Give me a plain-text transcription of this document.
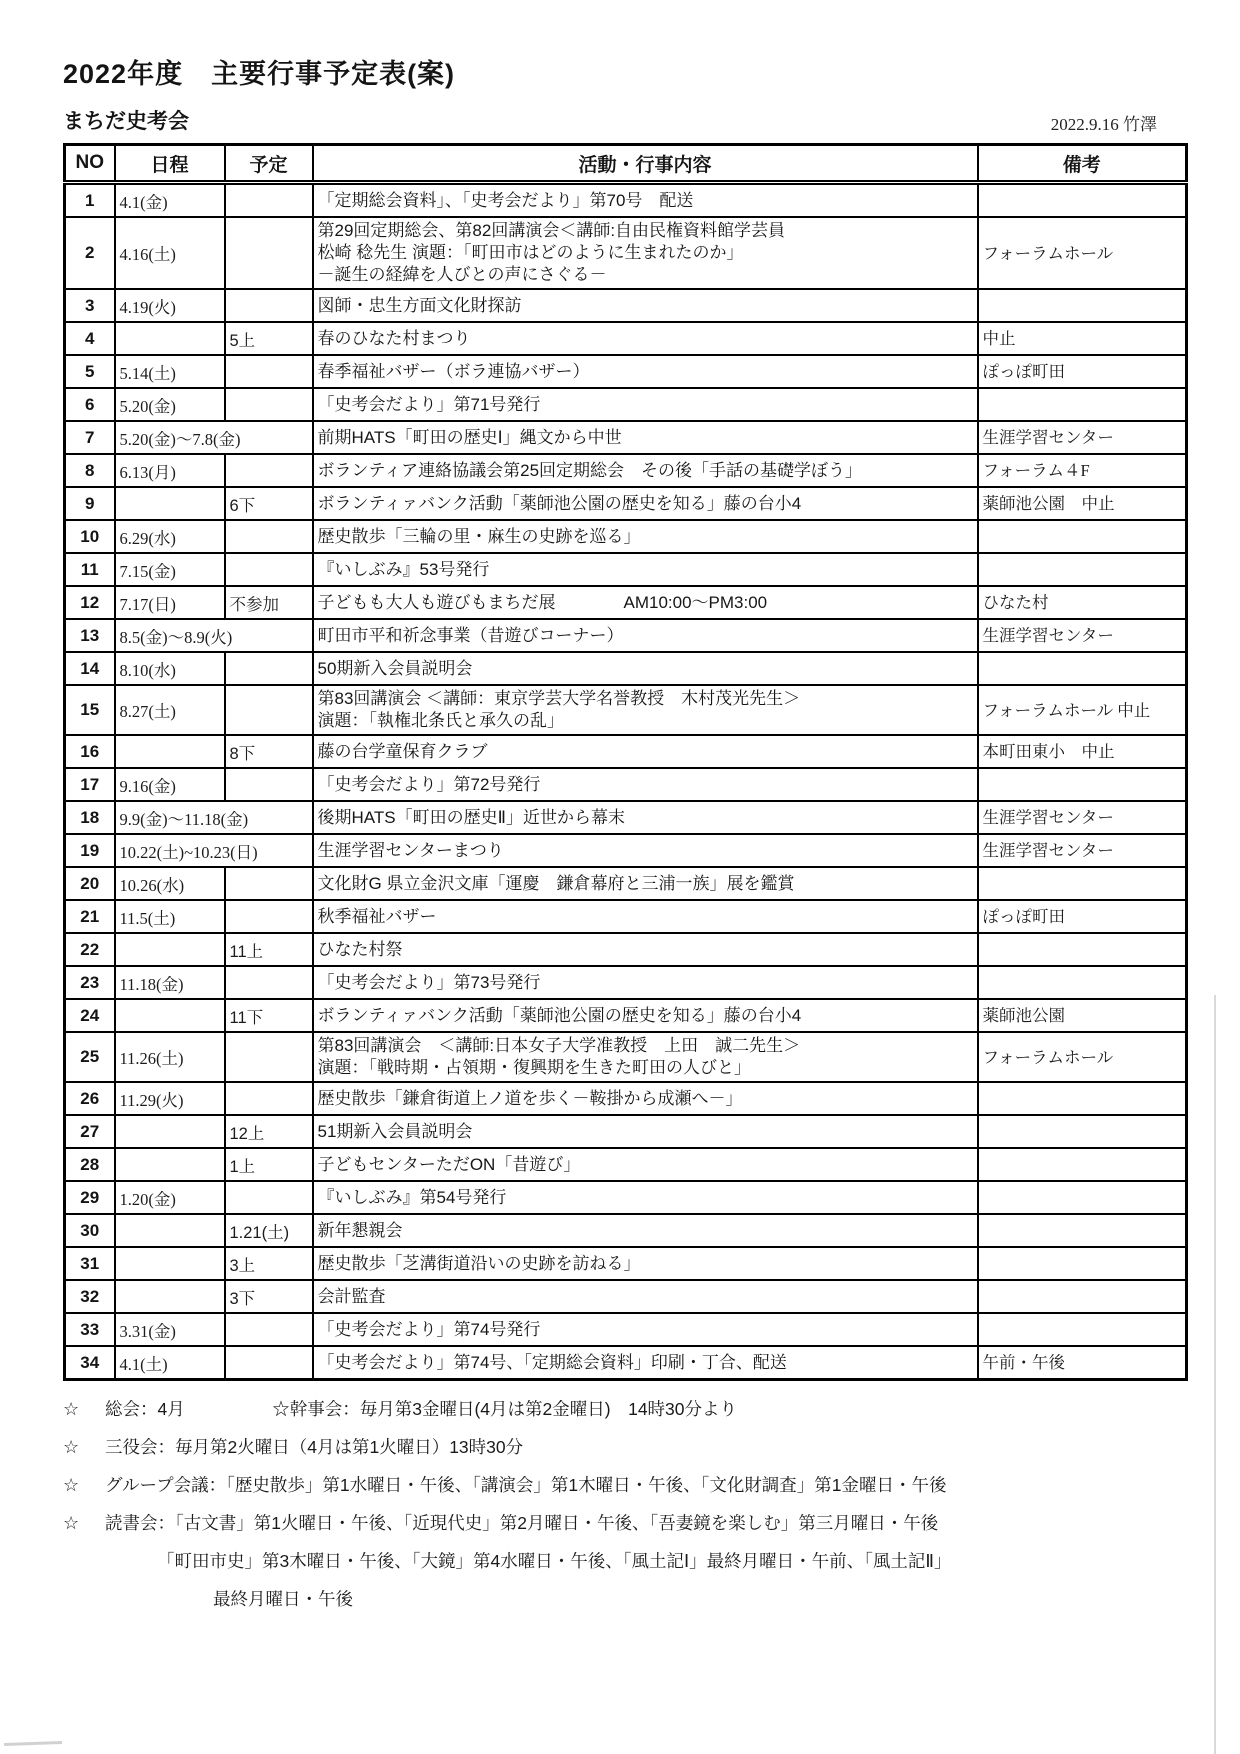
2022年度　主要行事予定表(案)
まちだ史考会	2022.9.16 竹澤
NO	日程	予定	活動・行事内容	備考
1	4.1(金)		「定期総会資料」、「史考会だより」第70号　配送	
2	4.16(土)		第29回定期総会、第82回講演会＜講師:自由民権資料館学芸員
松崎 稔先生 演題：「町田市はどのように生まれたのか」
－誕生の経緯を人びとの声にさぐる－	フォーラムホール
3	4.19(火)		図師・忠生方面文化財探訪	
4		5上	春のひなた村まつり	中止
5	5.14(土)		春季福祉バザー（ボラ連協バザー）	ぽっぽ町田
6	5.20(金)		「史考会だより」第71号発行	
7	5.20(金)～7.8(金)		前期HATS「町田の歴史Ⅰ」縄文から中世	生涯学習センター
8	6.13(月)		ボランティア連絡協議会第25回定期総会　その後「手話の基礎学ぼう」	フォーラム４F
9		6下	ボランティァバンク活動「薬師池公園の歴史を知る」藤の台小4	薬師池公園　中止
10	6.29(水)		歴史散歩「三輪の里・麻生の史跡を巡る」	
11	7.15(金)		『いしぶみ』53号発行	
12	7.17(日)	不参加	子どもも大人も遊びもまちだ展 AM10:00～PM3:00	ひなた村
13	8.5(金)～8.9(火)		町田市平和祈念事業（昔遊びコーナー）	生涯学習センター
14	8.10(水)		50期新入会員説明会	
15	8.27(土)		第83回講演会 ＜講師：東京学芸大学名誉教授　木村茂光先生＞
演題：「執権北条氏と承久の乱」	フォーラムホール 中止
16		8下	藤の台学童保育クラブ	本町田東小　中止
17	9.16(金)		「史考会だより」第72号発行	
18	9.9(金)～11.18(金)		後期HATS「町田の歴史Ⅱ」近世から幕末	生涯学習センター
19	10.22(土)~10.23(日)		生涯学習センターまつり	生涯学習センター
20	10.26(水)		文化財G 県立金沢文庫「運慶　鎌倉幕府と三浦一族」展を鑑賞	
21	11.5(土)		秋季福祉バザー	ぽっぽ町田
22		11上	ひなた村祭	
23	11.18(金)		「史考会だより」第73号発行	
24		11下	ボランティァバンク活動「薬師池公園の歴史を知る」藤の台小4	薬師池公園
25	11.26(土)		第83回講演会　＜講師:日本女子大学准教授　上田　誠二先生＞
演題：「戦時期・占領期・復興期を生きた町田の人びと」	フォーラムホール
26	11.29(火)		歴史散歩「鎌倉街道上ノ道を歩く－鞍掛から成瀬へ－」	
27		12上	51期新入会員説明会	
28		1上	子どもセンターただON「昔遊び」	
29	1.20(金)		『いしぶみ』第54号発行	
30		1.21(土)	新年懇親会	
31		3上	歴史散歩「芝溝街道沿いの史跡を訪ねる」	
32		3下	会計監査	
33	3.31(金)		「史考会だより」第74号発行	
34	4.1(土)		「史考会だより」第74号、「定期総会資料」印刷・丁合、配送	午前・午後
☆ 総会：4月　　　　　☆幹事会：毎月第3金曜日(4月は第2金曜日)　14時30分より
☆ 三役会：毎月第2火曜日（4月は第1火曜日）13時30分
☆ グループ会議：「歴史散歩」第1水曜日・午後、「講演会」第1木曜日・午後、「文化財調査」第1金曜日・午後
☆ 読書会：「古文書」第1火曜日・午後、「近現代史」第2月曜日・午後、「吾妻鏡を楽しむ」第三月曜日・午後
「町田市史」第3木曜日・午後、「大鏡」第4水曜日・午後、「風土記Ⅰ」最終月曜日・午前、「風土記Ⅱ」
最終月曜日・午後
